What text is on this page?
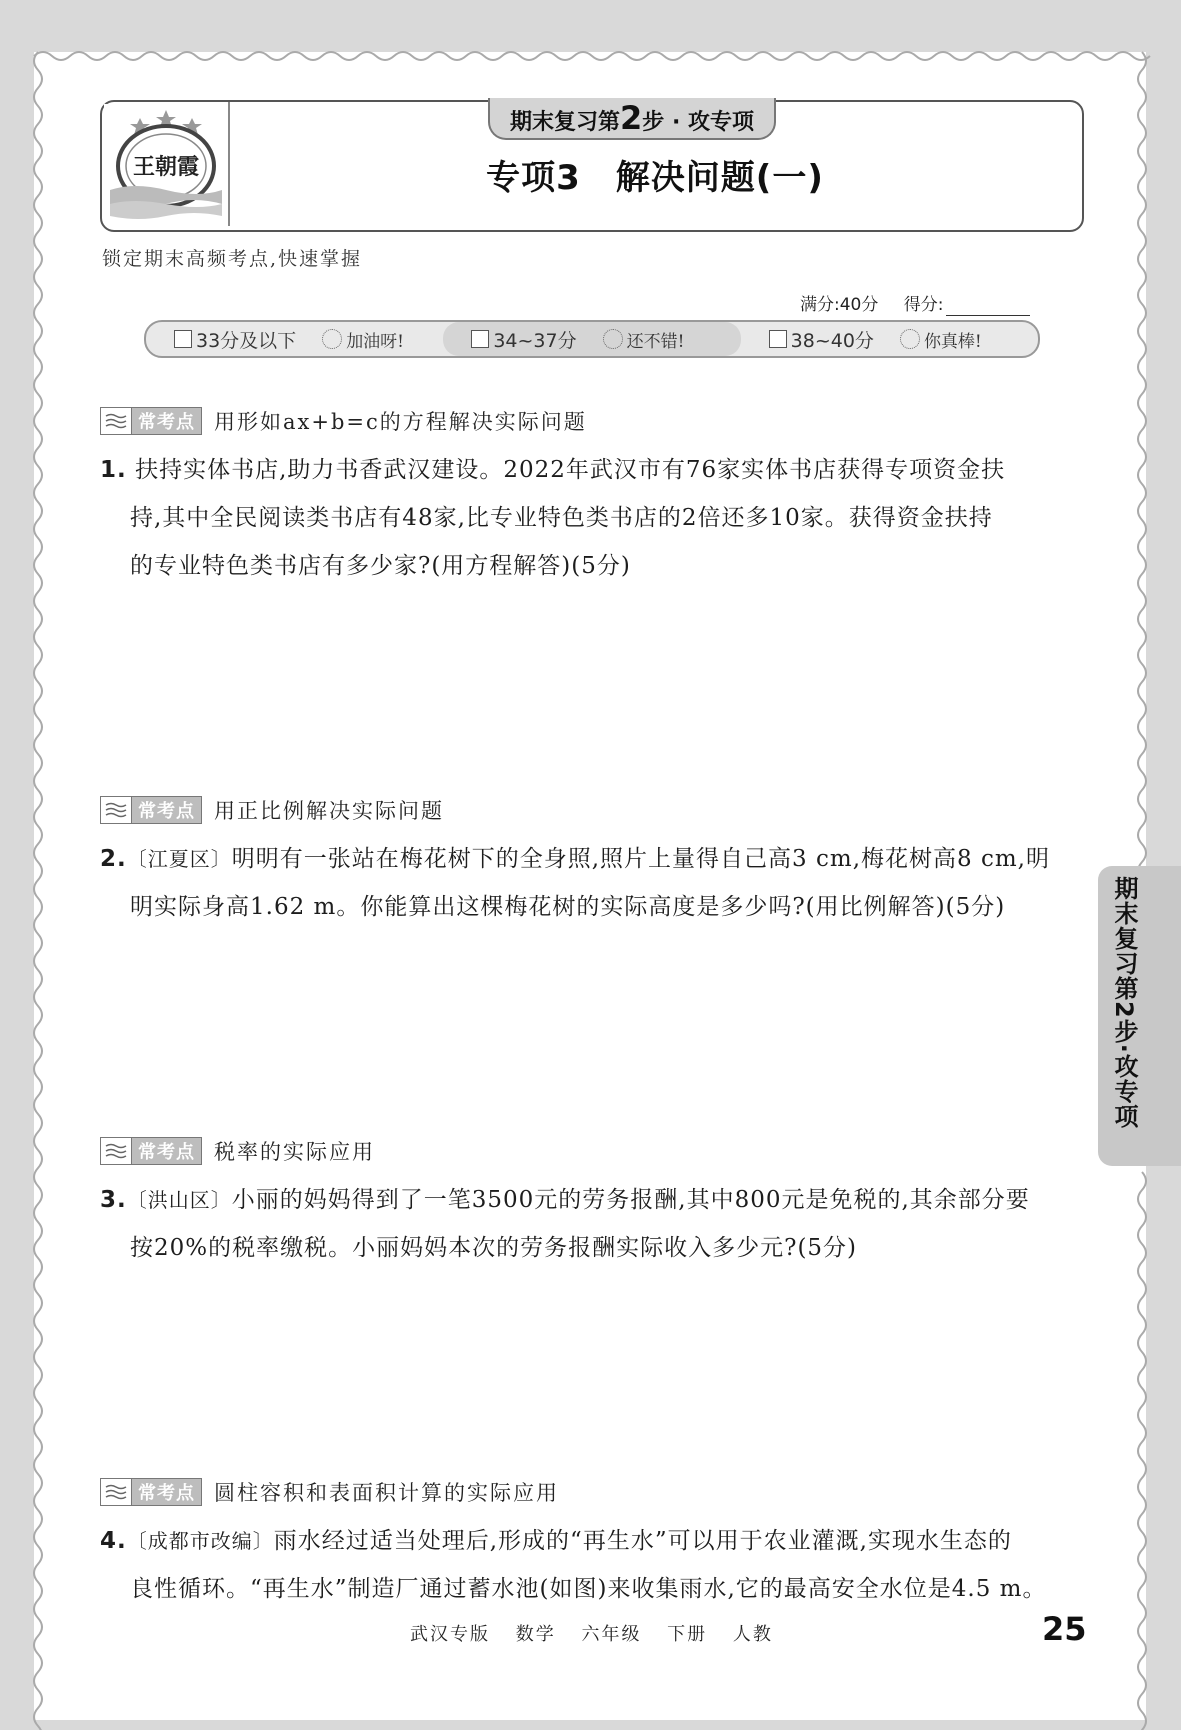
王朝霞
期末复习第2步 · 攻专项
专项3　解决问题(一)
锁定期末高频考点,快速掌握
满分:40分 得分:
33分及以下	加油呀!	34~37分	还不错!	38~40分	你真棒!
常考点 用形如ax+b=c的方程解决实际问题
1. 扶持实体书店,助力书香武汉建设。2022年武汉市有76家实体书店获得专项资金扶
持,其中全民阅读类书店有48家,比专业特色类书店的2倍还多10家。获得资金扶持
的专业特色类书店有多少家?(用方程解答)(5分)
常考点 用正比例解决实际问题
2.〔江夏区〕明明有一张站在梅花树下的全身照,照片上量得自己高3 cm,梅花树高8 cm,明
明实际身高1.62 m。你能算出这棵梅花树的实际高度是多少吗?(用比例解答)(5分)
常考点 税率的实际应用
3.〔洪山区〕小丽的妈妈得到了一笔3500元的劳务报酬,其中800元是免税的,其余部分要
按20%的税率缴税。小丽妈妈本次的劳务报酬实际收入多少元?(5分)
常考点 圆柱容积和表面积计算的实际应用
4.〔成都市改编〕雨水经过适当处理后,形成的“再生水”可以用于农业灌溉,实现水生态的
良性循环。“再生水”制造厂通过蓄水池(如图)来收集雨水,它的最高安全水位是4.5 m。
武汉专版 数学 六年级 下册 人教	25
期末复习第2步·攻专项
